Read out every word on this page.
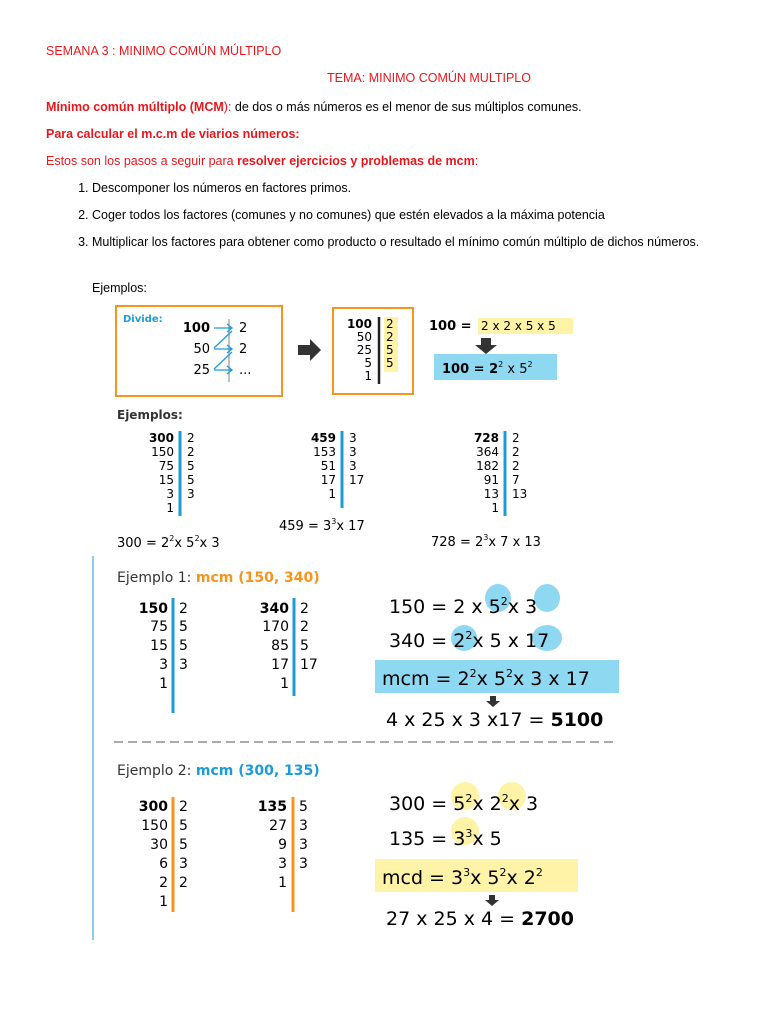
SEMANA 3 : MINIMO COMÚN MÚLTIPLO
TEMA: MINIMO COMÚN MULTIPLO
Mínimo común múltiplo (MCM): de dos o más números es el menor de sus múltiplos comunes.
Para calcular el m.c.m de viarios números:
Estos son los pasos a seguir para resolver ejercicios y problemas de mcm:
1. Descomponer los números en factores primos.
2. Coger todos los factores (comunes y no comunes) que estén elevados a la máxima potencia
3. Multiplicar los factores para obtener como producto o resultado el mínimo común múltiplo de dichos números.
Ejemplos:
Divide:
100
50
25
2
2
...
100
50
25
5
1
2
2
5
5
100 = 2 x 2 x 5 x 5
$100 = 2^2$ x $5^2$
Ejemplos:
300
150
75
15
3
1
2
2
5
5
3
459
153
51
17
1
3
3
3
17
728
364
182
91
13
1
2
2
2
7
13
$300 = 2^2x$ $5^2x$ 3
$459 = 3^3x$ 17
$728 = 2^3x$ 7 x 13
Ejemplo 1: mcm (150, 340)
150
75
15
3
1
2
5
5
3
340
170
85
17
1
2
2
5
17
150 = 2 x $5^2x$ 3
$340 = 2^2x$ 5 x 17
mcm = $2^2x$ $5^2x$ 3 x 17
4 x 25 x 3 x17 = 5100
Ejemplo 2: mcm (300, 135)
300
150
30
6
2
1
2
5
5
3
2
135
27
9
3
1
5
3
3
3
$300 = 5^2x$ $2^2x$ 3
$135 = 3^3x$ 5
mcd = $3^3x$ $5^2x$ $2^2$
27 x 25 x 4 = 2700
